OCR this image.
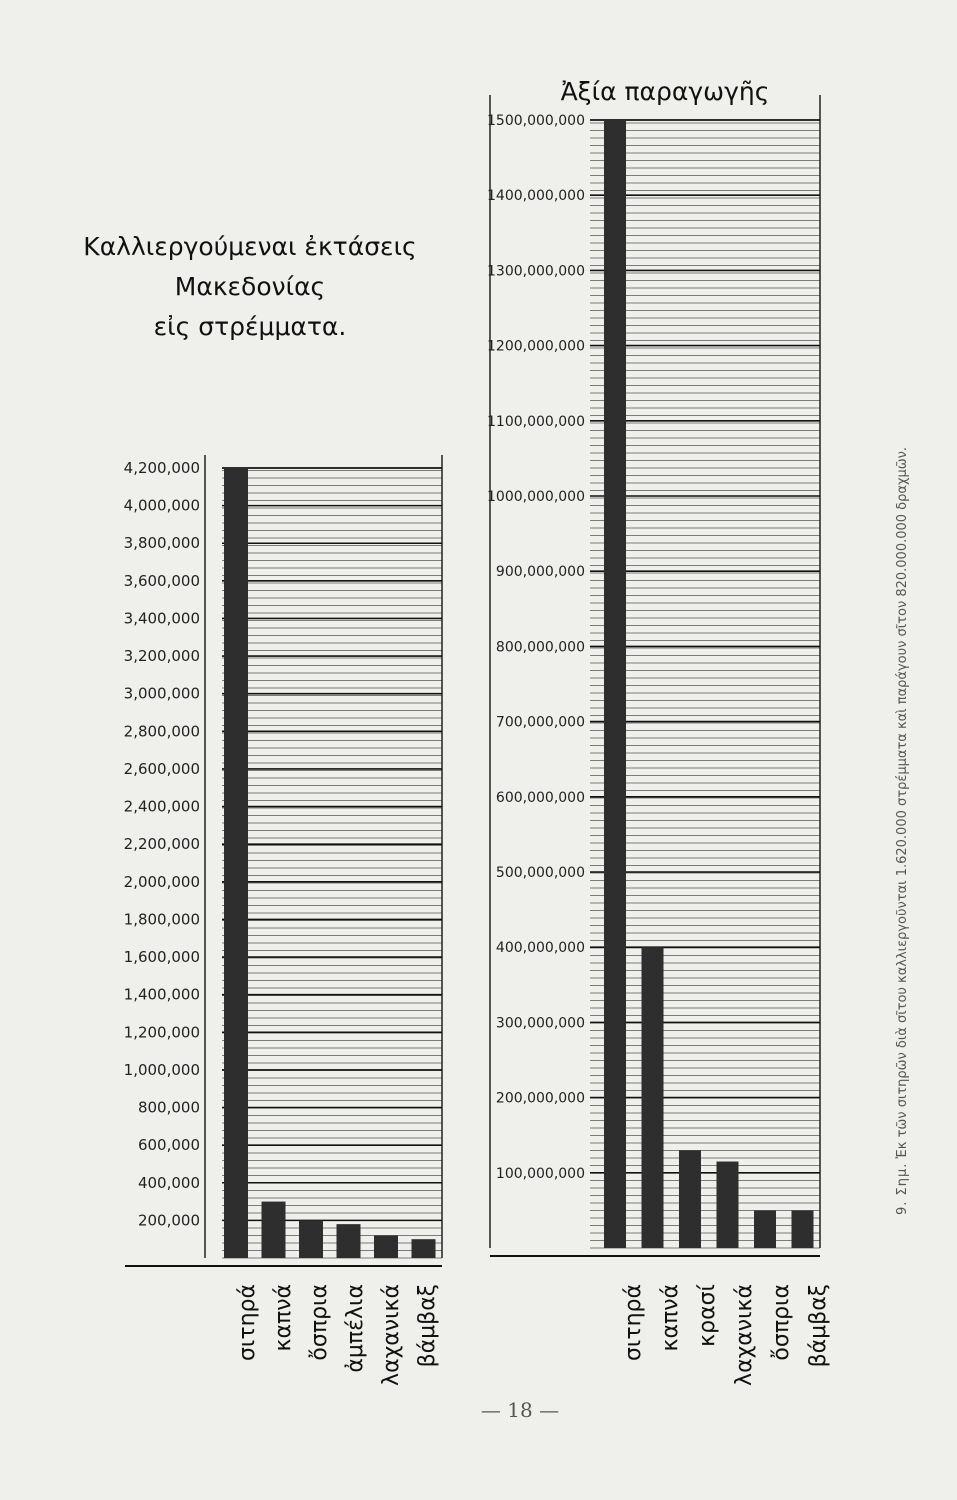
200,000
400,000
600,000
800,000
1,000,000
1,200,000
1,400,000
1,600,000
1,800,000
2,000,000
2,200,000
2,400,000
2,600,000
2,800,000
3,000,000
3,200,000
3,400,000
3,600,000
3,800,000
4,000,000
4,200,000
σιτηρά καπνά ὄσπρια ἀμπέλια λαχανικά βάμβαξ
Καλλιεργούμεναι ἐκτάσεις
Μακεδονίας
εἰς στρέμματα.
100,000,000
200,000,000
300,000,000
400,000,000
500,000,000
600,000,000
700,000,000
800,000,000
900,000,000
1000,000,000
1100,000,000
1200,000,000
1300,000,000
1400,000,000
1500,000,000
σιτηρά καπνά κρασί λαχανικά ὄσπρια βάμβαξ
Ἀξία παραγωγῆς
— 18 —
9. Σημ. Ἐκ τῶν σιτηρῶν διὰ σῖτου καλλιεργοῦνται 1.620.000 στρέμματα καὶ παράγουν σῖτον 820.000.000 δραχμῶν.
